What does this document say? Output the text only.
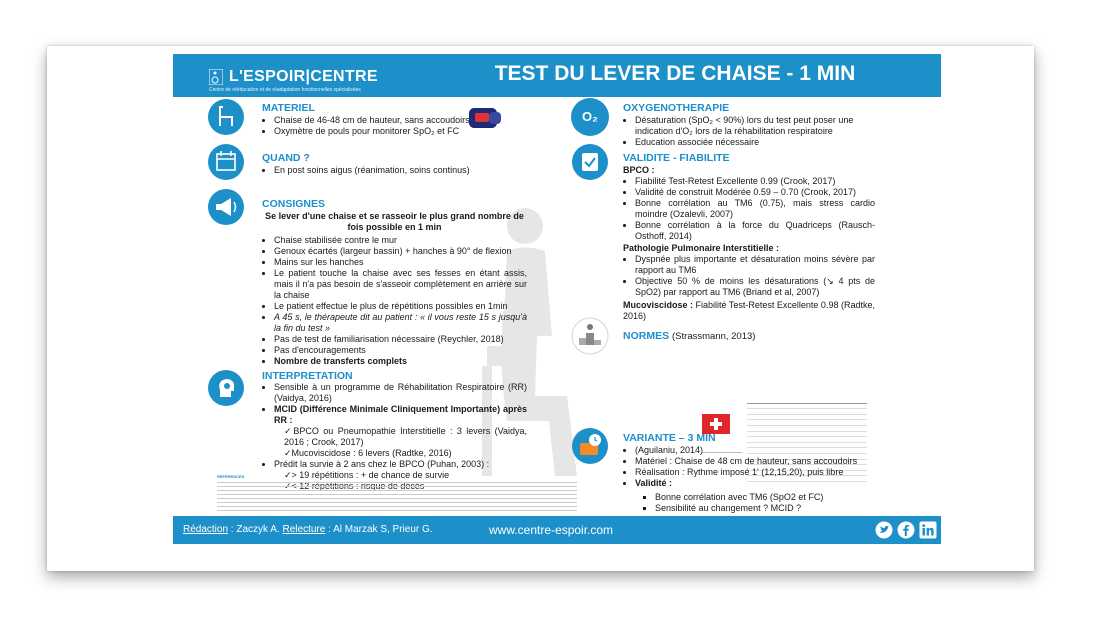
L'ESPOIR|CENTRE
Centre de rééducation et de réadaptation fonctionnelles spécialisées
TEST DU LEVER DE CHAISE - 1 MIN
MATERIEL
• Chaise de 46-48 cm de hauteur, sans accoudoirs
• Oxymètre de pouls pour monitorer SpO₂ et FC
QUAND ?
• En post soins aigus (réanimation, soins continus)
CONSIGNES
Se lever d'une chaise et se rasseoir le plus grand nombre de fois possible en 1 min
• Chaise stabilisée contre le mur
• Genoux écartés (largeur bassin) + hanches à 90° de flexion
• Mains sur les hanches
• Le patient touche la chaise avec ses fesses en étant assis, mais il n'a pas besoin de s'asseoir complètement en arrière sur la chaise
• Le patient effectue le plus de répétitions possibles en 1min
• A 45 s, le thérapeute dit au patient : « il vous reste 15 s jusqu'à la fin du test »
• Pas de test de familiarisation nécessaire (Reychler, 2018)
• Pas d'encouragements
• Nombre de transferts complets
INTERPRETATION
• Sensible à un programme de Réhabilitation Respiratoire (RR) (Vaidya, 2016)
• MCID (Différence Minimale Cliniquement Importante) après RR :
✓ BPCO ou Pneumopathie Interstitielle : 3 levers (Vaidya, 2016 ; Crook, 2017)
✓ Mucoviscidose : 6 levers (Radtke, 2016)
• Prédit la survie à 2 ans chez le BPCO (Puhan, 2003) :
✓ > 19 répétitions : + de chance de survie
✓ < 12 répétitions : risque de décès
RÉFÉRENCES
O₂
OXYGENOTHERAPIE
• Désaturation (SpO₂ < 90%) lors du test peut poser une indication d'O₂ lors de la réhabilitation respiratoire
• Education associée nécessaire
VALIDITE - FIABILITE
BPCO :
• Fiabilité Test-Retest Excellente 0.99 (Crook, 2017)
• Validité de construit Modérée 0.59 – 0.70 (Crook, 2017)
• Bonne corrélation au TM6 (0.75), mais stress cardio moindre (Ozalevli, 2007)
• Bonne corrélation à la force du Quadriceps (Rausch-Osthoff, 2014)
Pathologie Pulmonaire Interstitielle :
• Dyspnée plus importante et désaturation moins sévère par rapport au TM6
• Objective 50 % de moins les désaturations (↘ 4 pts de SpO2) par rapport au TM6 (Briand et al, 2007)
Mucoviscidose : Fiabilité Test-Retest Excellente 0.98 (Radtke, 2016)
NORMES (Strassmann, 2013)

VARIANTE – 3 MIN
• (Aguilaniu, 2014)
• Matériel : Chaise de 48 cm de hauteur, sans accoudoirs
• Réalisation : Rythme imposé 1' (12,15,20), puis libre
• Validité :
▪ Bonne corrélation avec TM6 (SpO2 et FC)
▪ Sensibilité au changement ? MCID ?
Rédaction : Zaczyk A. Relecture : Al Marzak S, Prieur G.	www.centre-espoir.com
